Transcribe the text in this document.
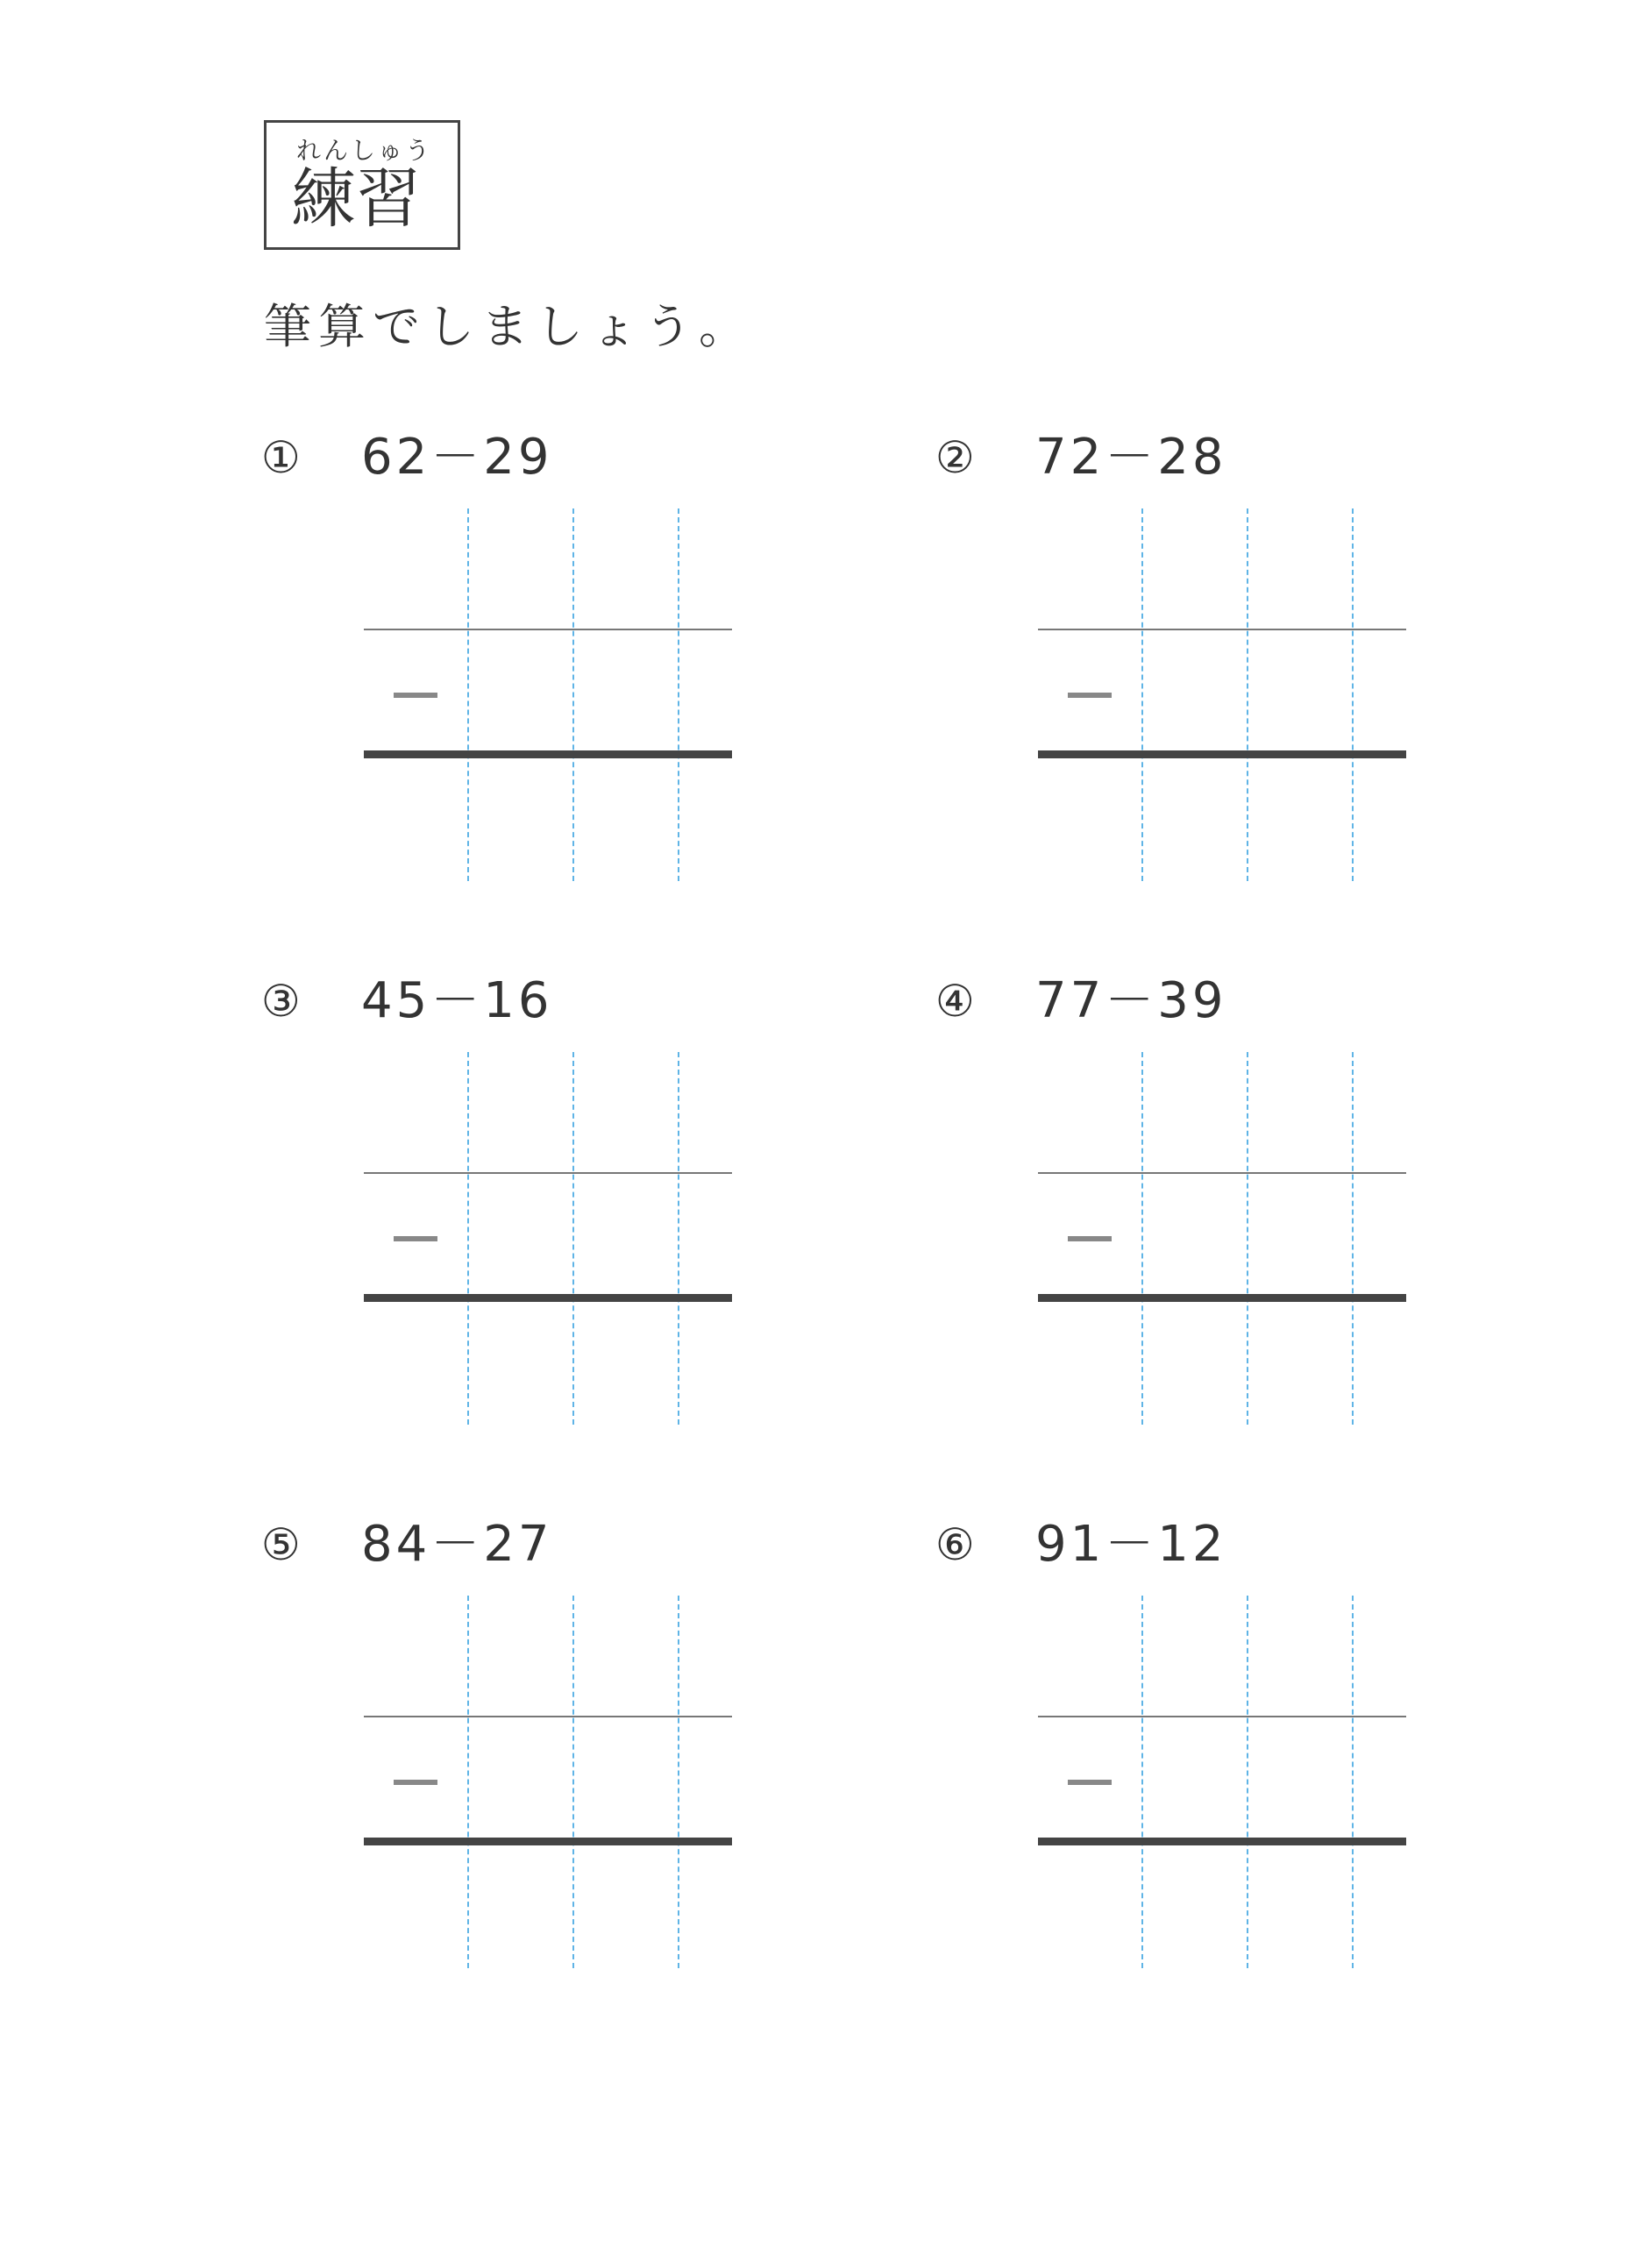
れんしゅう
練習
筆算でしましょう。
① 62－29	② 72－28
③ 45－16	④ 77－39
⑤ 84－27	⑥ 91－12
